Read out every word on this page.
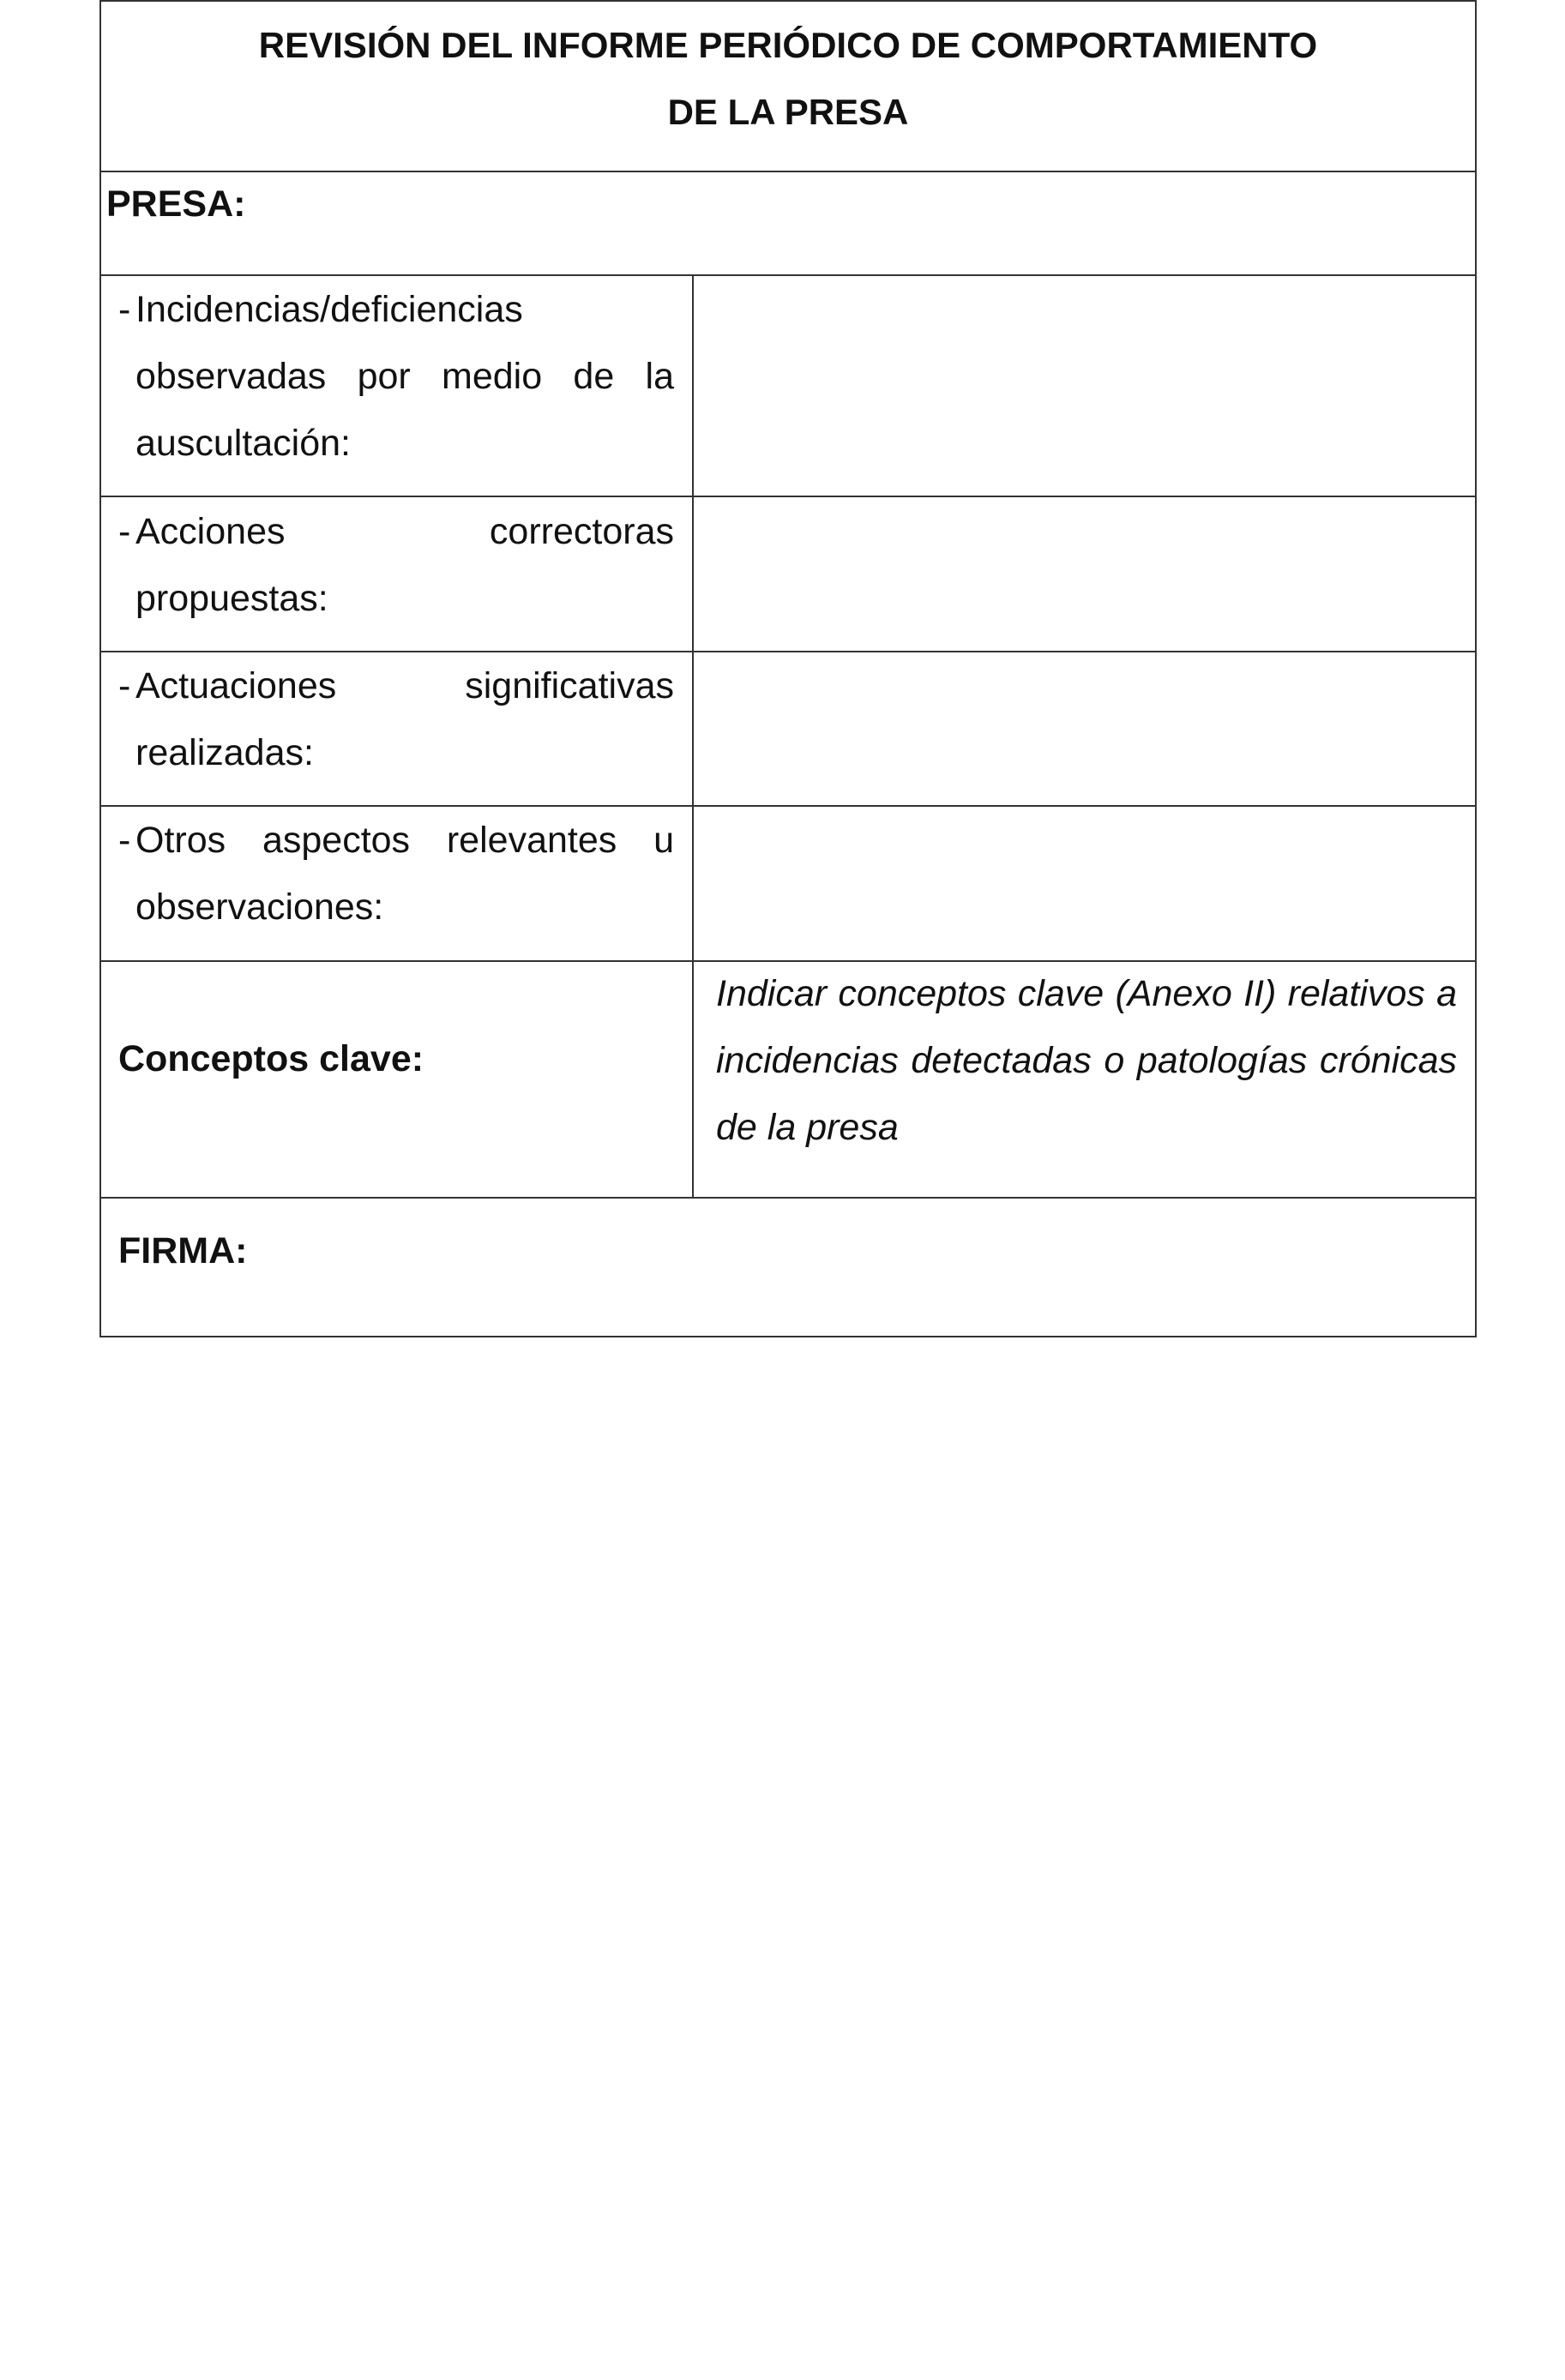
REVISIÓN DEL INFORME PERIÓDICO DE COMPORTAMIENTO
DE LA PRESA
PRESA:
- Incidencias/deficiencias observadas por medio de la auscultación:
- Acciones correctoras propuestas:
- Actuaciones significativas realizadas:
- Otros aspectos relevantes u observaciones:
Conceptos clave:
Indicar conceptos clave (Anexo II) relativos a incidencias detectadas o patologías crónicas de la presa
FIRMA:
